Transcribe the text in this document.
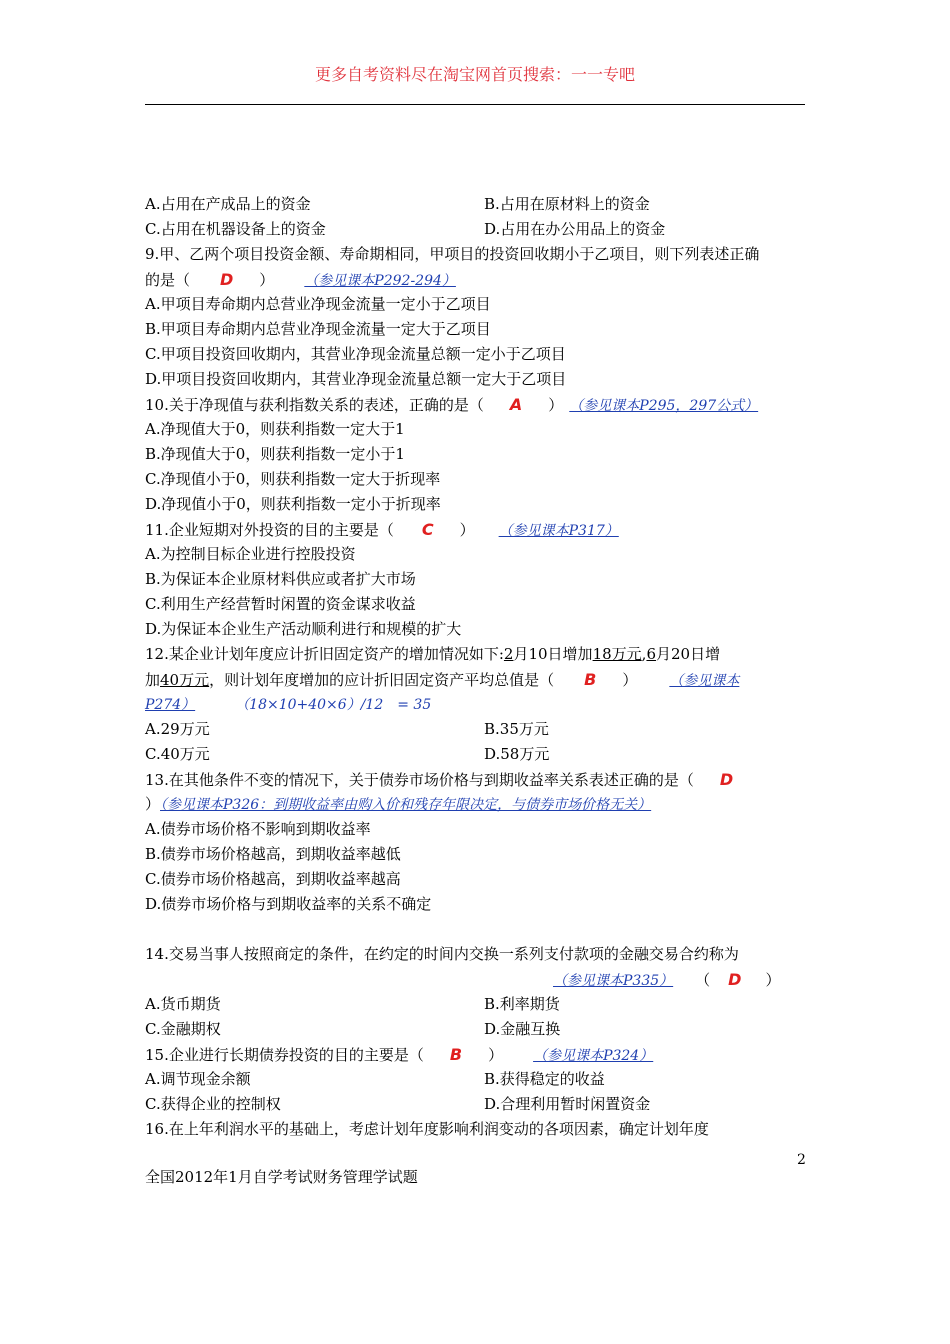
更多自考资料尽在淘宝网首页搜索：一一专吧
A.占用在产成品上的资金	B.占用在原材料上的资金
C.占用在机器设备上的资金	D.占用在办公用品上的资金
9.甲、乙两个项目投资金额、寿命期相同，甲项目的投资回收期小于乙项目，则下列表述正确
的是（ D ） （参见课本P292-294）
A.甲项目寿命期内总营业净现金流量一定小于乙项目
B.甲项目寿命期内总营业净现金流量一定大于乙项目
C.甲项目投资回收期内，其营业净现金流量总额一定小于乙项目
D.甲项目投资回收期内，其营业净现金流量总额一定大于乙项目
10.关于净现值与获利指数关系的表述，正确的是（ A ） （参见课本P295，297公式）
A.净现值大于0，则获利指数一定大于1
B.净现值大于0，则获利指数一定小于1
C.净现值小于0，则获利指数一定大于折现率
D.净现值小于0，则获利指数一定小于折现率
11.企业短期对外投资的目的主要是（ C ） （参见课本P317）
A.为控制目标企业进行控股投资
B.为保证本企业原材料供应或者扩大市场
C.利用生产经营暂时闲置的资金谋求收益
D.为保证本企业生产活动顺利进行和规模的扩大
12.某企业计划年度应计折旧固定资产的增加情况如下:2月10日增加18万元,6月20日增
加40万元，则计划年度增加的应计折旧固定资产平均总值是（ B ） （参见课本
P274）	（18×10+40×6）/12　= 35
A.29万元	B.35万元
C.40万元	D.58万元
13.在其他条件不变的情况下，关于债券市场价格与到期收益率关系表述正确的是（ D
）（参见课本P326：到期收益率由购入价和残存年限决定，与债券市场价格无关）
A.债券市场价格不影响到期收益率
B.债券市场价格越高，到期收益率越低
C.债券市场价格越高，到期收益率越高
D.债券市场价格与到期收益率的关系不确定
14.交易当事人按照商定的条件，在约定的时间内交换一系列支付款项的金融交易合约称为
（参见课本P335） （ D ）
A.货币期货	B.利率期货
C.金融期权	D.金融互换
15.企业进行长期债券投资的目的主要是（ B ） （参见课本P324）
A.调节现金余额	B.获得稳定的收益
C.获得企业的控制权	D.合理利用暂时闲置资金
16.在上年利润水平的基础上，考虑计划年度影响利润变动的各项因素，确定计划年度
2
全国2012年1月自学考试财务管理学试题
